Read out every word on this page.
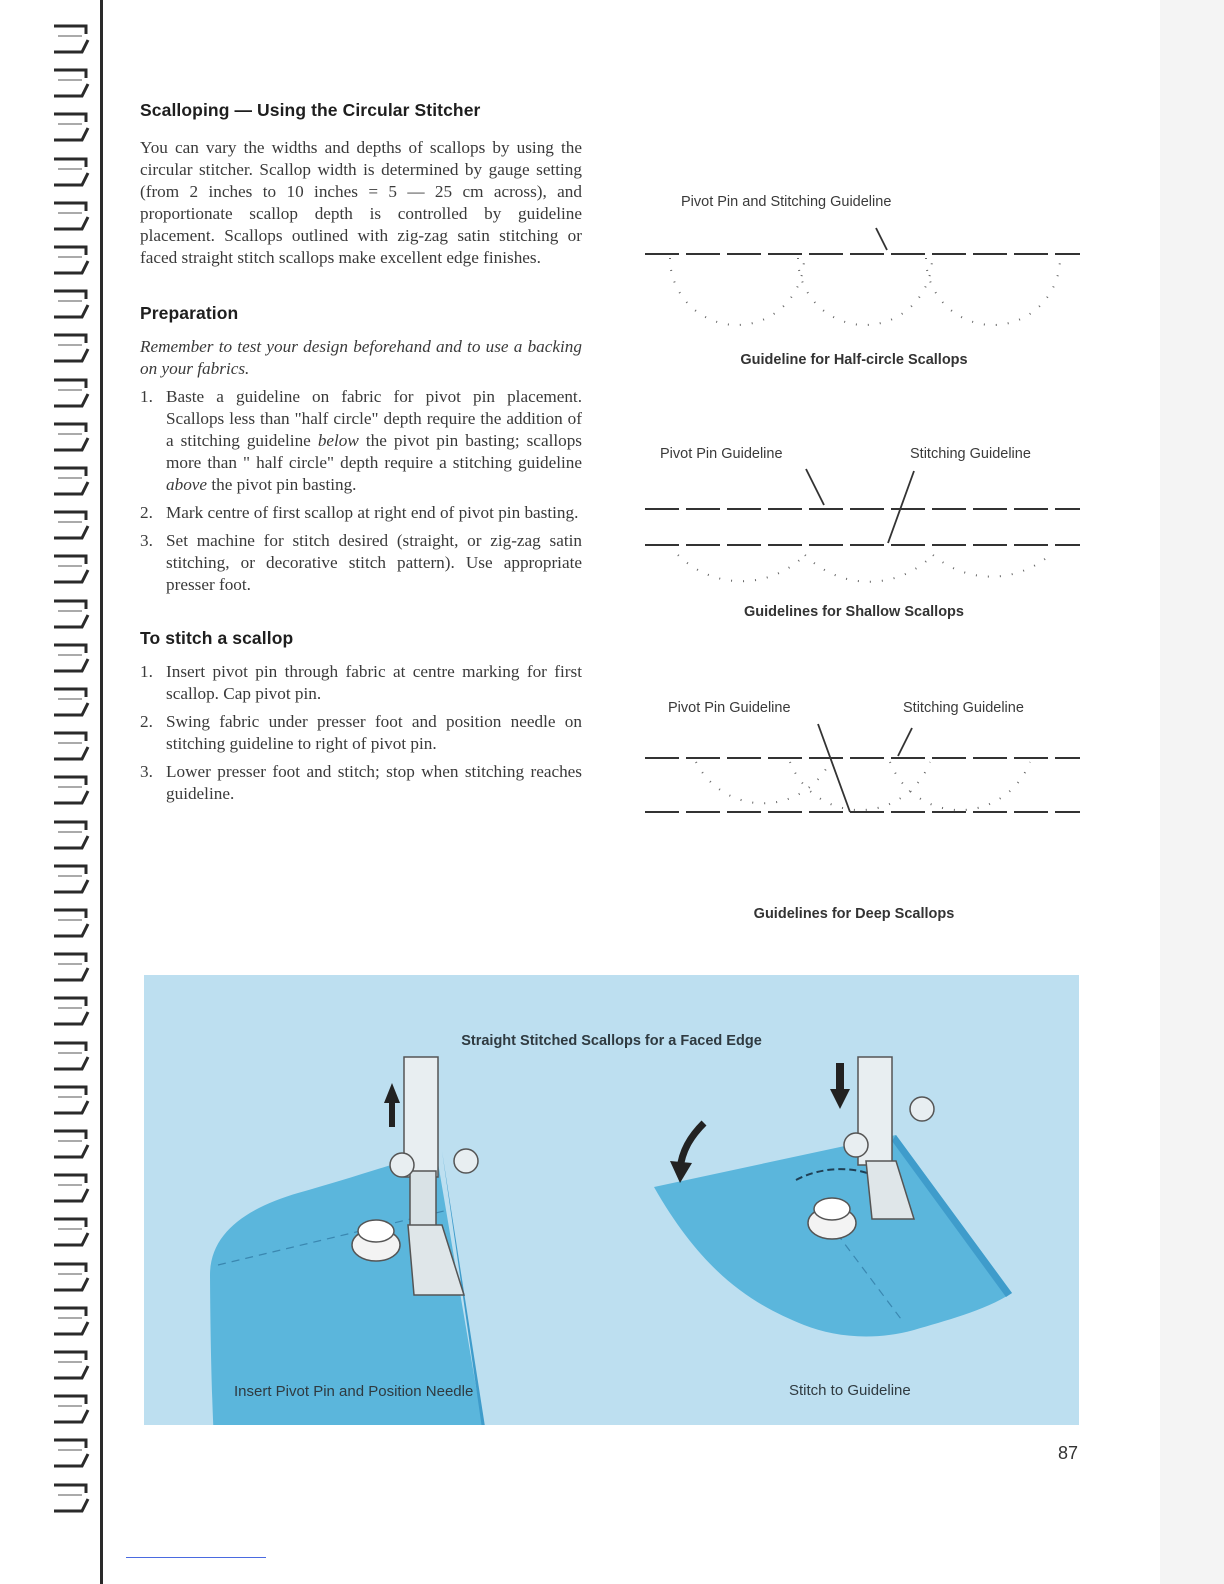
Scalloping — Using the Circular Stitcher

You can vary the widths and depths of scallops by using the circular stitcher. Scallop width is determined by gauge setting (from 2 inches to 10 inches = 5 — 25 cm across), and proportionate scallop depth is controlled by guideline placement. Scallops outlined with zig-zag satin stitching or faced straight stitch scallops make excellent edge finishes.

Preparation

Remember to test your design beforehand and to use a backing on your fabrics.

1. Baste a guideline on fabric for pivot pin placement. Scallops less than "half circle" depth require the addition of a stitching guideline below the pivot pin basting; scallops more than " half circle" depth require a stitching guideline above the pivot pin basting.
2. Mark centre of first scallop at right end of pivot pin basting.
3. Set machine for stitch desired (straight, or zig-zag satin stitching, or decorative stitch pattern). Use appropriate presser foot.
To stitch a scallop
1. Insert pivot pin through fabric at centre marking for first scallop. Cap pivot pin.
2. Swing fabric under presser foot and position needle on stitching guideline to right of pivot pin.
3. Lower presser foot and stitch; stop when stitching reaches guideline.
Pivot Pin and Stitching Guideline
Guideline for Half-circle Scallops
Pivot Pin Guideline	Stitching Guideline
Guidelines for Shallow Scallops
Pivot Pin Guideline	Stitching Guideline
Guidelines for Deep Scallops
Straight Stitched Scallops for a Faced Edge
Insert Pivot Pin and Position Needle	Stitch to Guideline
87
